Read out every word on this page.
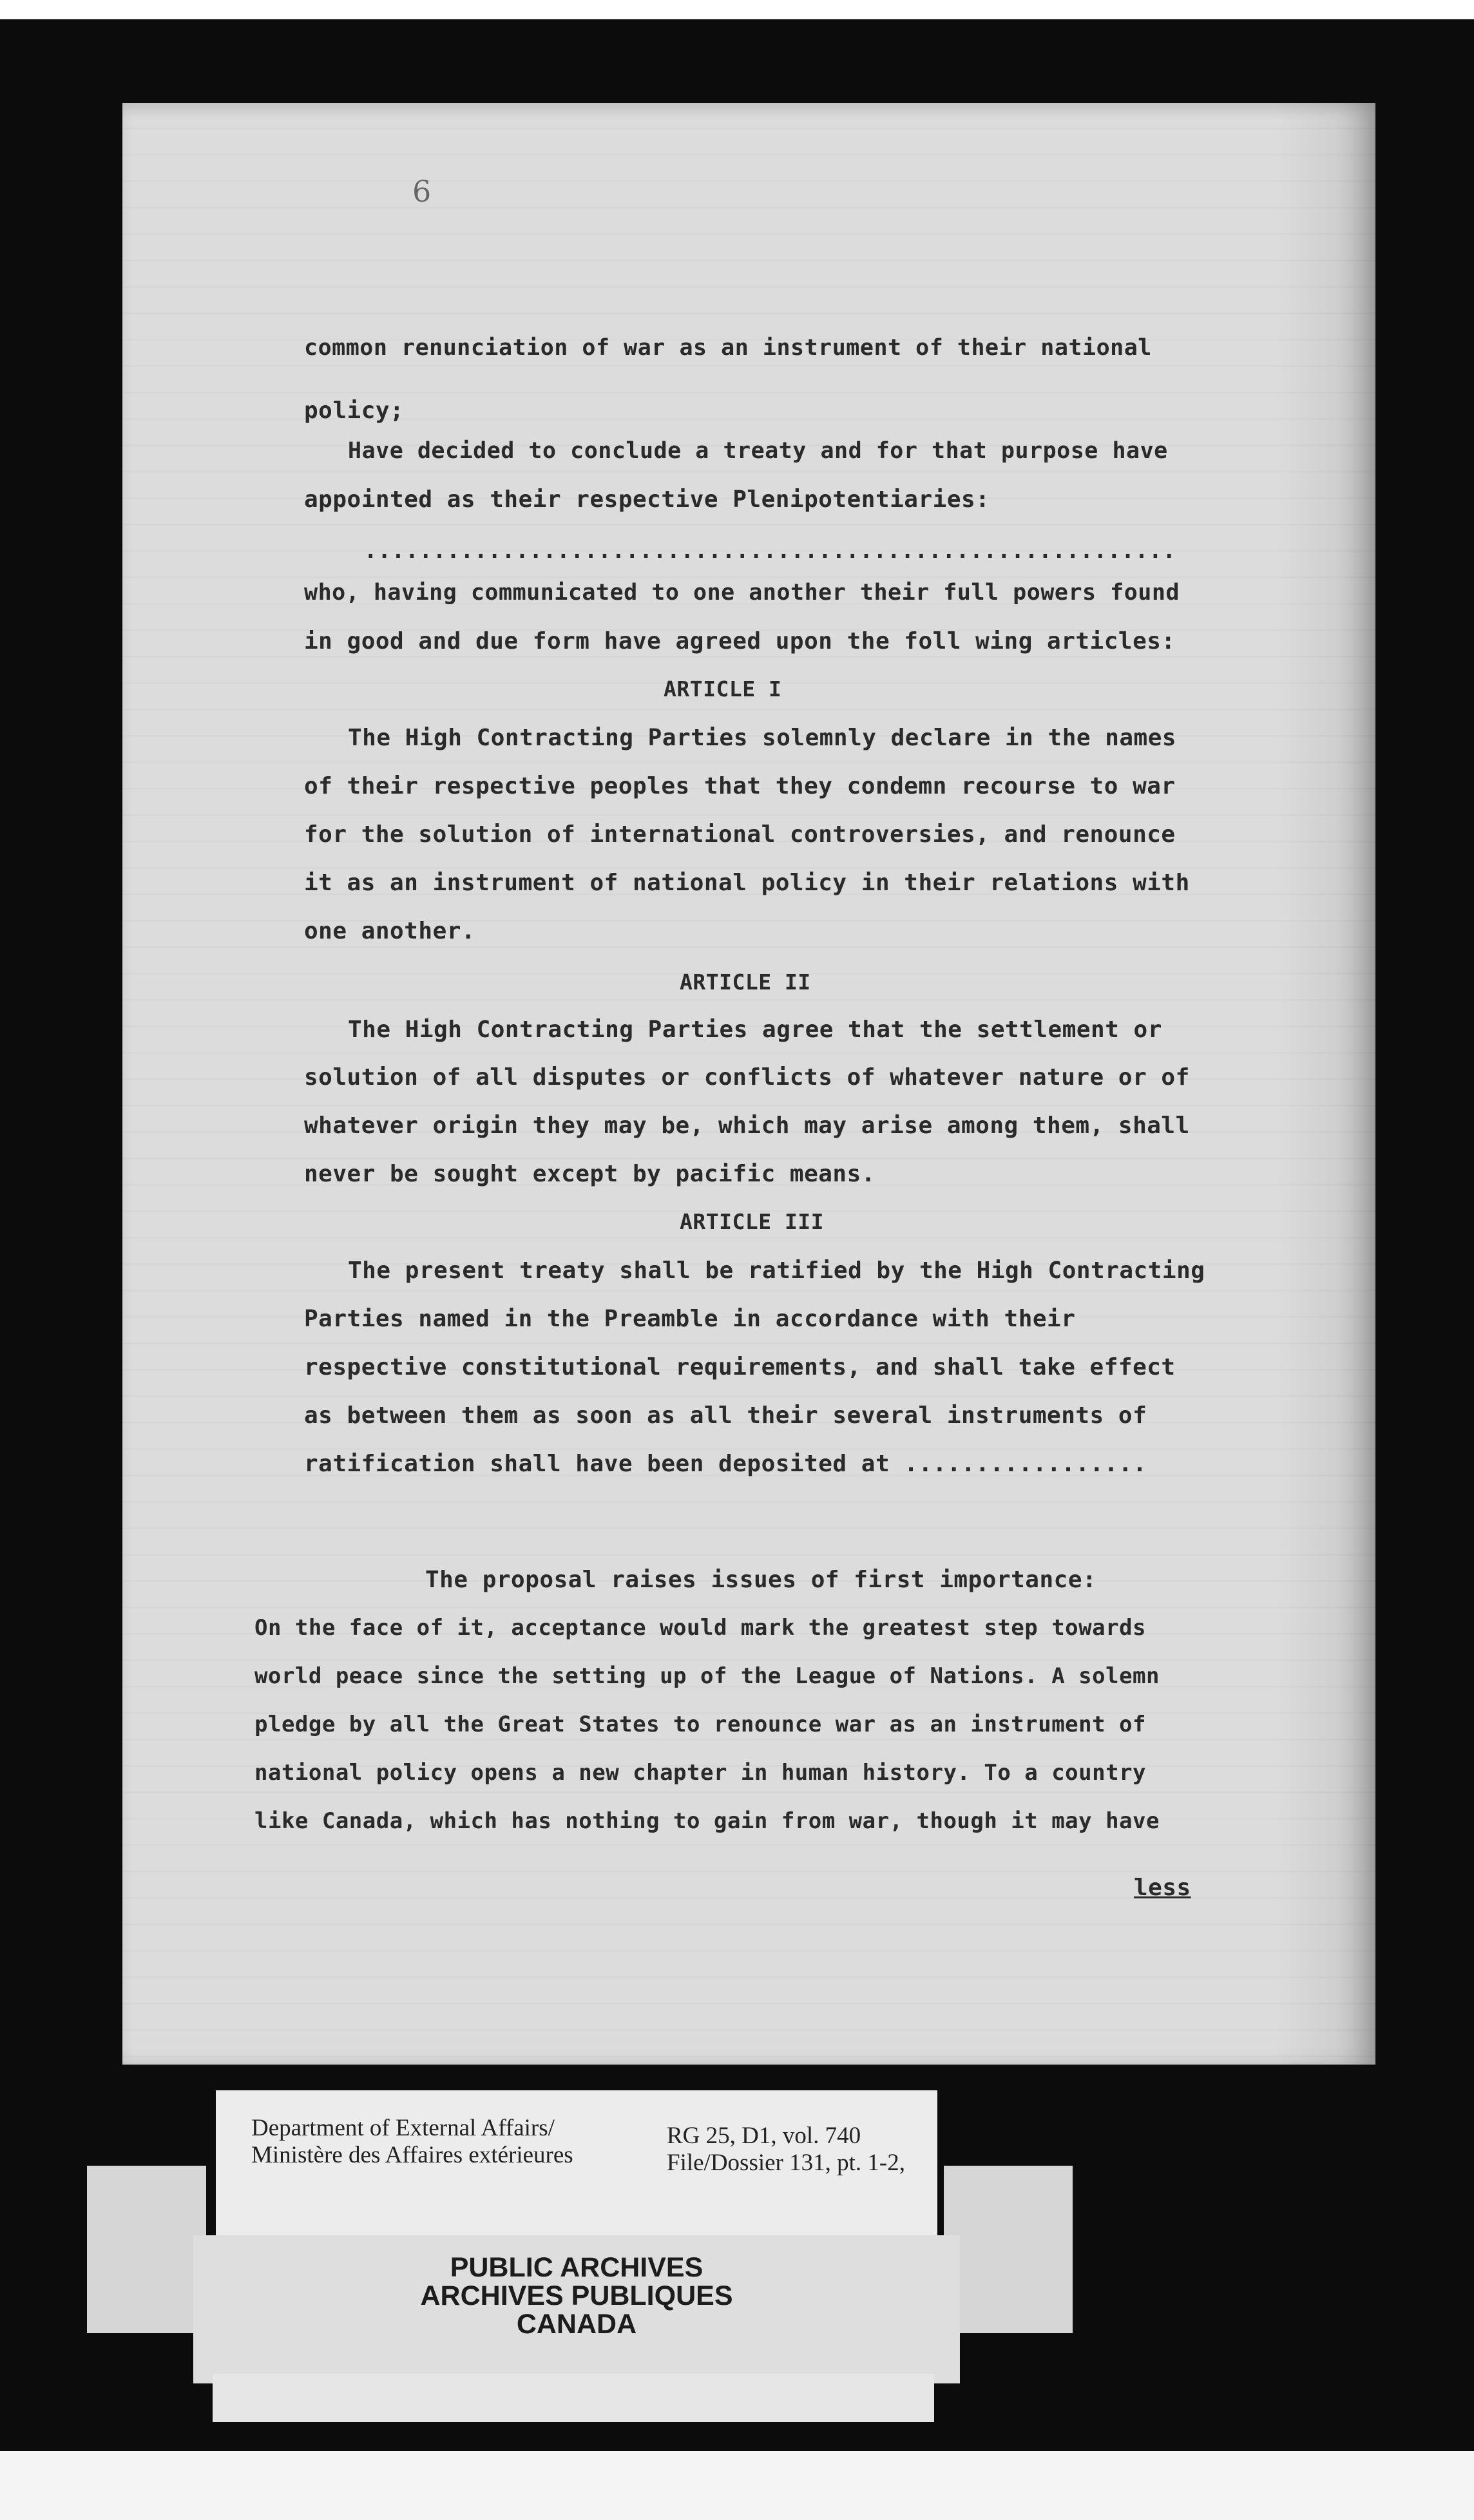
6
common renunciation of war as an instrument of their national
policy;
Have decided to conclude a treaty and for that purpose have
appointed as their respective Plenipotentiaries:
...........................................................
who, having communicated to one another their full powers found
in good and due form have agreed upon the foll wing articles:
ARTICLE I
The High Contracting Parties solemnly declare in the names
of their respective peoples that they condemn recourse to war
for the solution of international controversies, and renounce
it as an instrument of national policy in their relations with
one another.
ARTICLE II
The High Contracting Parties agree that the settlement or
solution of all disputes or conflicts of whatever nature or of
whatever origin they may be, which may arise among them, shall
never be sought except by pacific means.
ARTICLE III
The present treaty shall be ratified by the High Contracting
Parties named in the Preamble in accordance with their
respective constitutional requirements, and shall take effect
as between them as soon as all their several instruments of
ratification shall have been deposited at .................
The proposal raises issues of first importance:
On the face of it, acceptance would mark the greatest step towards
world peace since the setting up of the League of Nations. A solemn
pledge by all the Great States to renounce war as an instrument of
national policy opens a new chapter in human history. To a country
like Canada, which has nothing to gain from war, though it may have
less
Department of External Affairs/
Ministère des Affaires extérieures
RG 25, D1, vol. 740
File/Dossier 131, pt. 1-2,
PUBLIC ARCHIVES
ARCHIVES PUBLIQUES
CANADA
